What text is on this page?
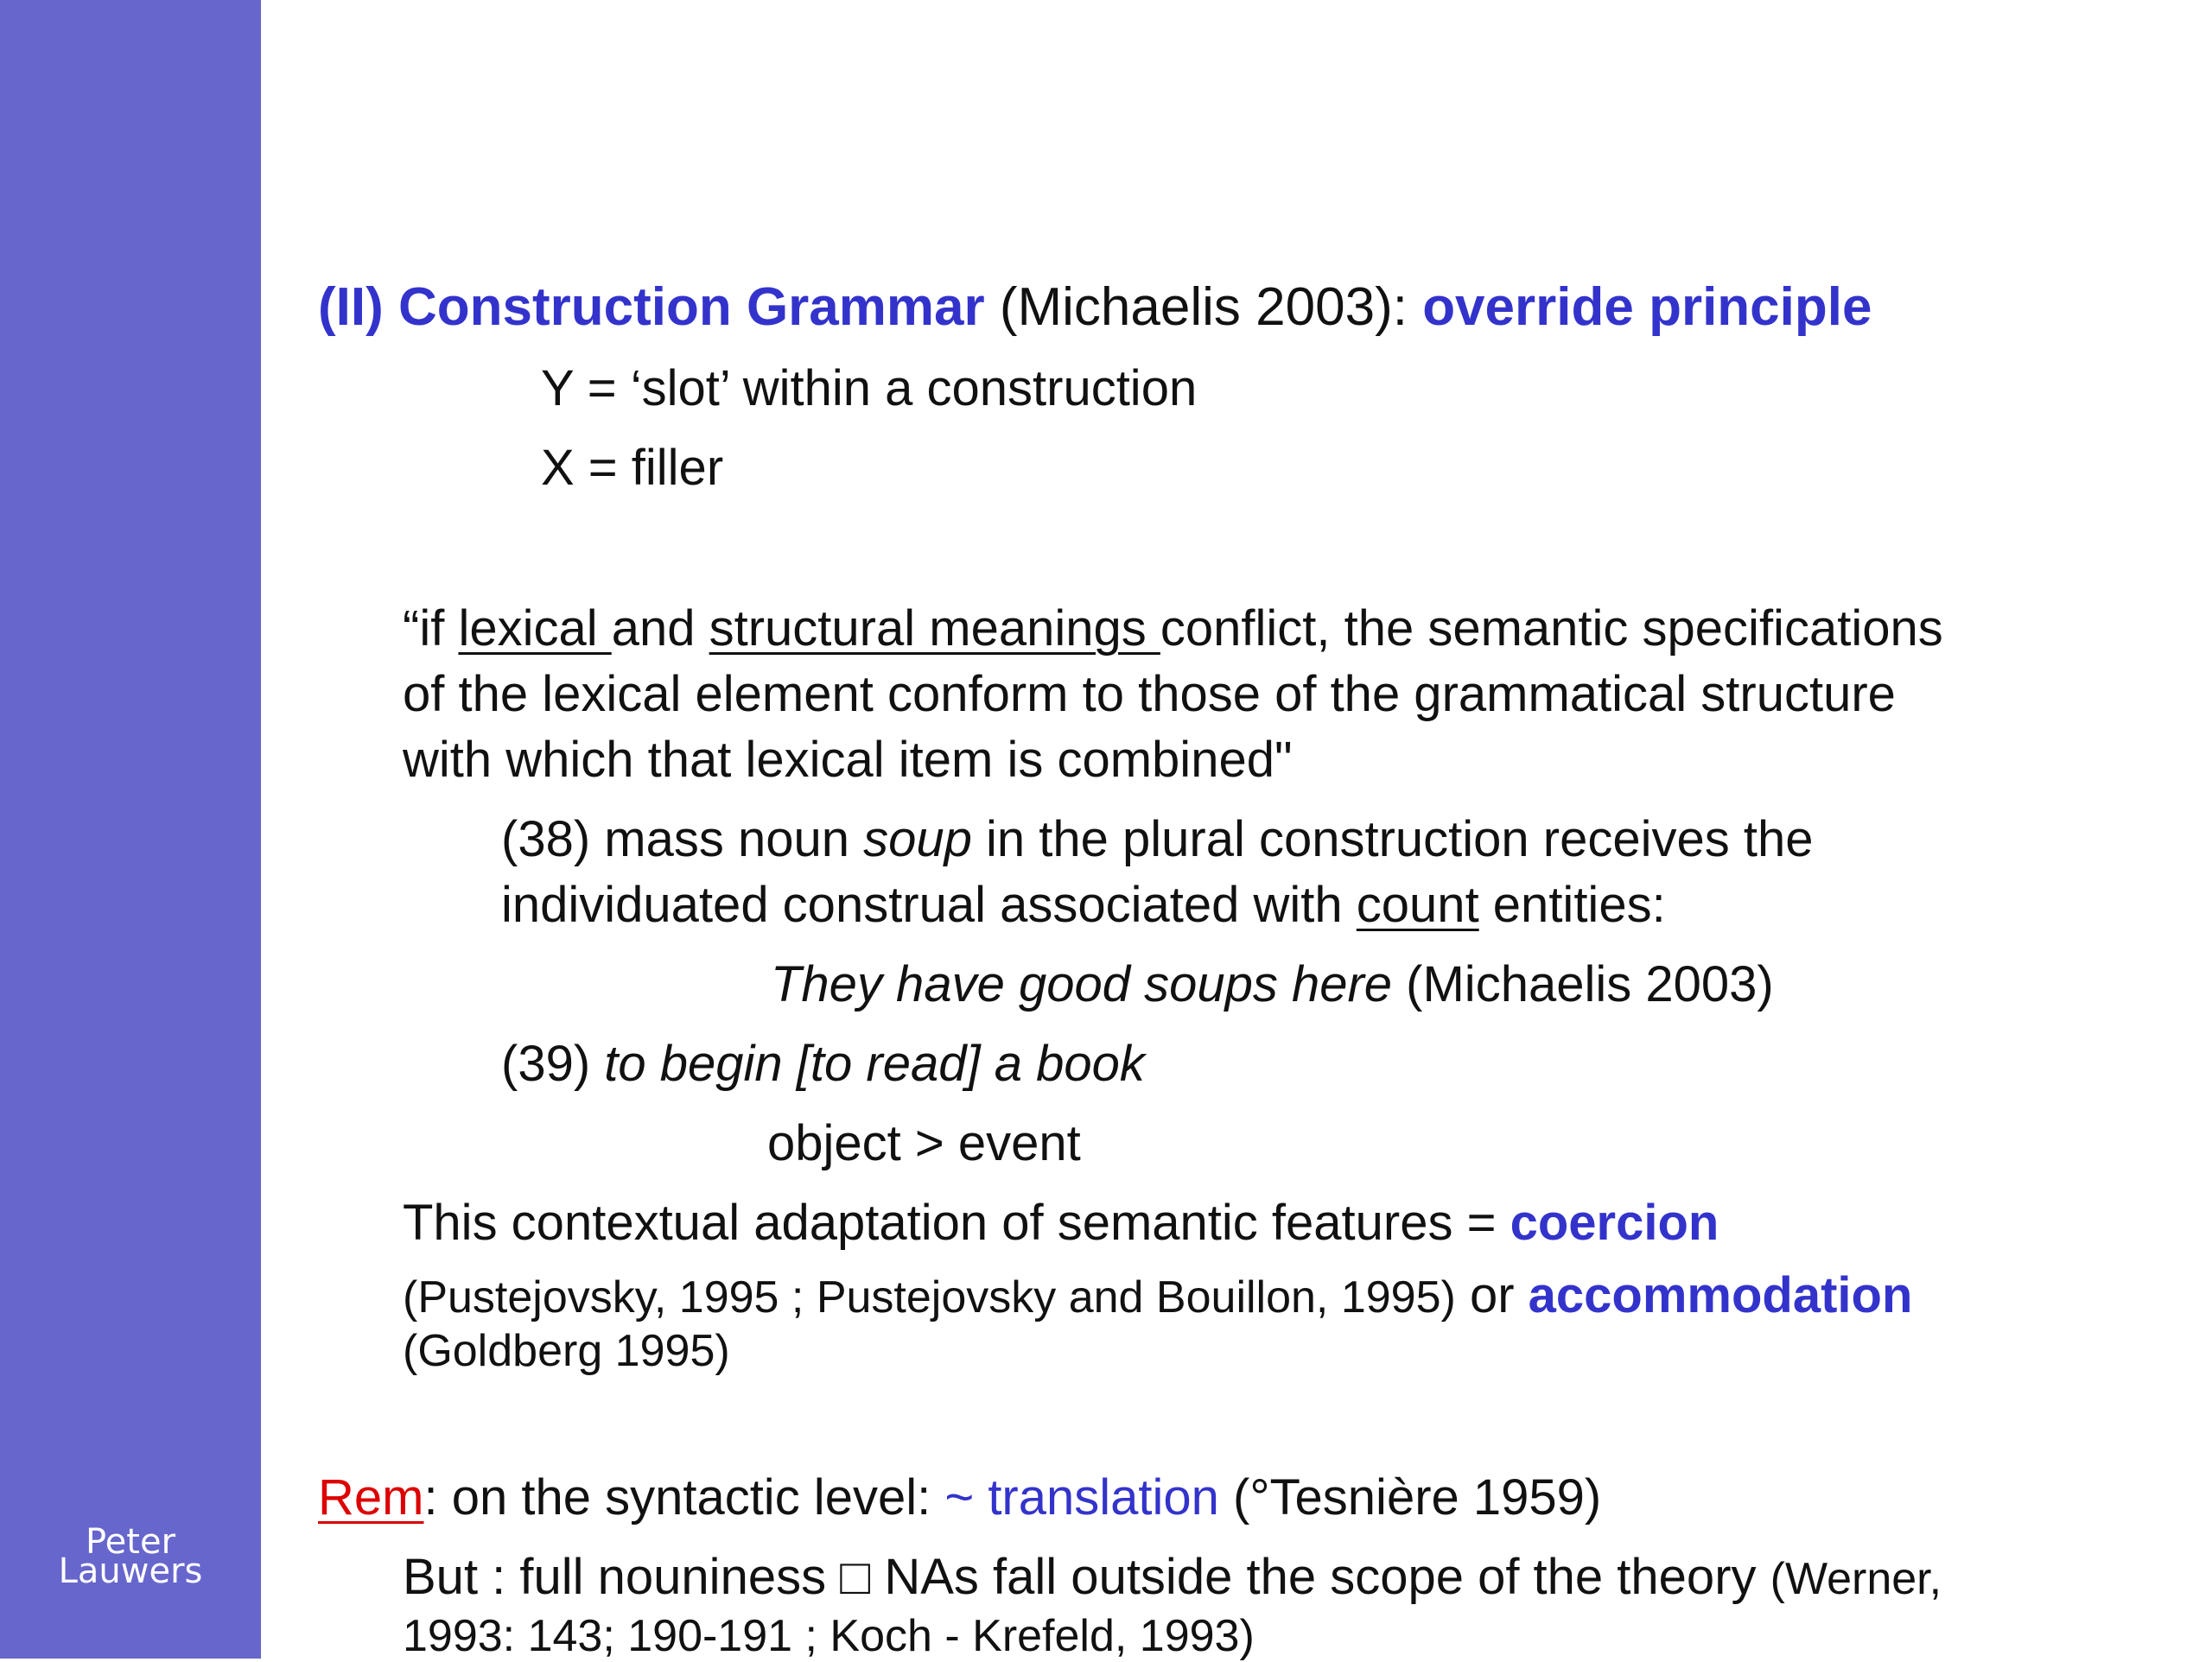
Peter
Lauwers
(II) Construction Grammar (Michaelis 2003): override principle
Y = ‘slot’ within a construction
X = filler
“if lexical and structural meanings conflict, the semantic specifications
of the lexical element conform to those of the grammatical structure
with which that lexical item is combined"
(38) mass noun soup in the plural construction receives the
individuated construal associated with count entities:
They have good soups here (Michaelis 2003)
(39) to begin [to read] a book
object > event
This contextual adaptation of semantic features = coercion
(Pustejovsky, 1995 ; Pustejovsky and Bouillon, 1995) or accommodation
(Goldberg 1995)
Rem: on the syntactic level: ~ translation (°Tesnière 1959)
But : full nouniness □ NAs fall outside the scope of the theory (Werner,
1993: 143; 190-191 ; Koch - Krefeld, 1993)
